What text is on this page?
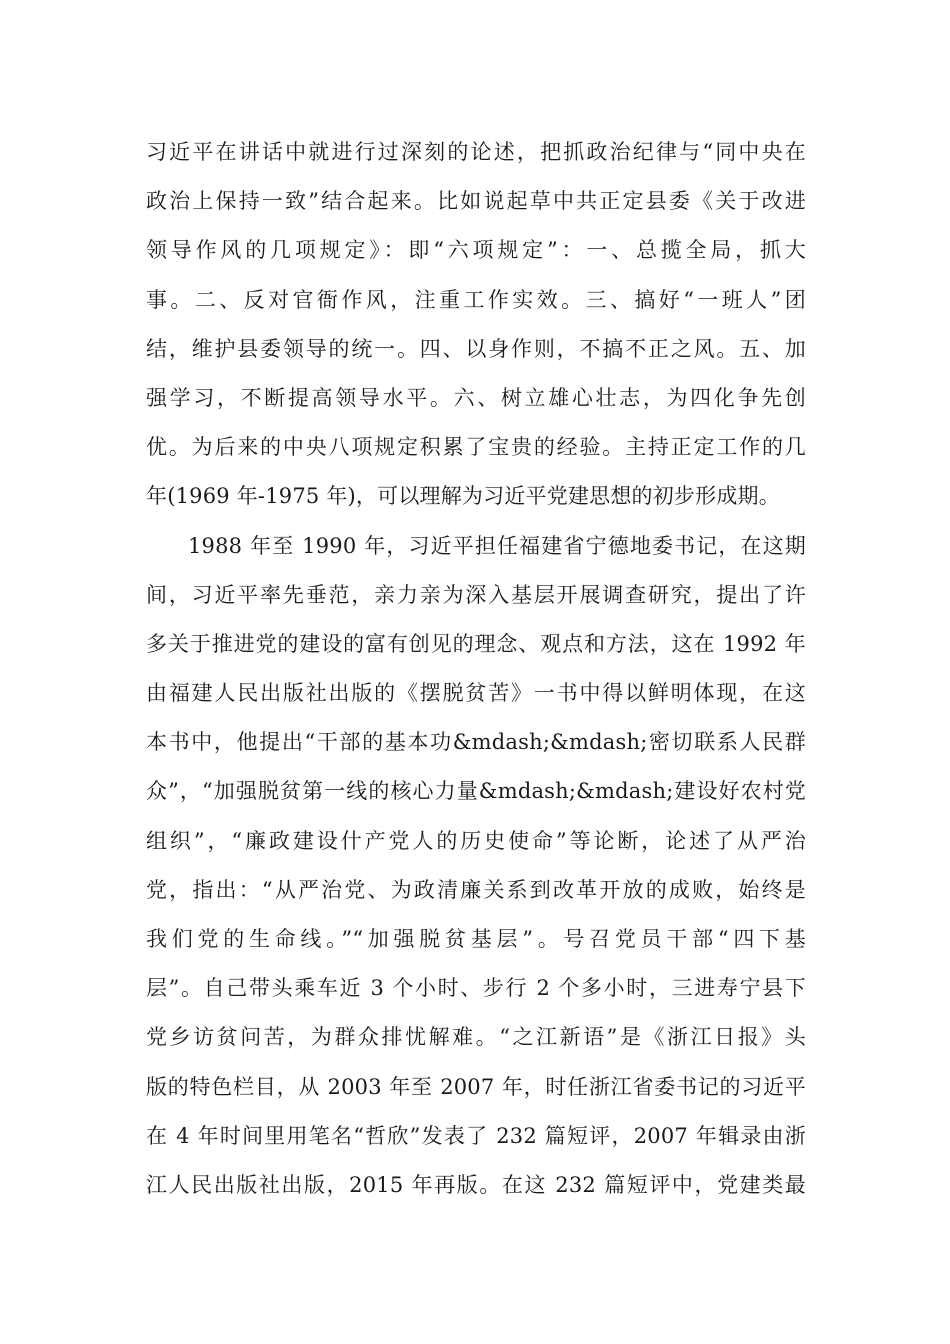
习近平在讲话中就进行过深刻的论述，把抓政治纪律与“同中央在
政治上保持一致”结合起来。比如说起草中共正定县委《关于改进
领导作风的几项规定》：即“六项规定”：一、总揽全局，抓大
事。二、反对官衙作风，注重工作实效。三、搞好“一班人”团
结，维护县委领导的统一。四、以身作则，不搞不正之风。五、加
强学习，不断提高领导水平。六、树立雄心壮志，为四化争先创
优。为后来的中央八项规定积累了宝贵的经验。主持正定工作的几
年(1969 年-1975 年)，可以理解为习近平党建思想的初步形成期。
1988 年至 1990 年，习近平担任福建省宁德地委书记，在这期
间，习近平率先垂范，亲力亲为深入基层开展调查研究，提出了许
多关于推进党的建设的富有创见的理念、观点和方法，这在 1992 年
由福建人民出版社出版的《摆脱贫苦》一书中得以鲜明体现，在这
本书中，他提出“干部的基本功&mdash;&mdash;密切联系人民群
众”，“加强脱贫第一线的核心力量&mdash;&mdash;建设好农村党
组织”，“廉政建设什产党人的历史使命”等论断，论述了从严治
党，指出：“从严治党、为政清廉关系到改革开放的成败，始终是
我们党的生命线。”“加强脱贫基层”。号召党员干部“四下基
层”。自己带头乘车近 3 个小时、步行 2 个多小时，三进寿宁县下
党乡访贫问苦，为群众排忧解难。“之江新语”是《浙江日报》头
版的特色栏目，从 2003 年至 2007 年，时任浙江省委书记的习近平
在 4 年时间里用笔名“哲欣”发表了 232 篇短评，2007 年辑录由浙
江人民出版社出版，2015 年再版。在这 232 篇短评中，党建类最
